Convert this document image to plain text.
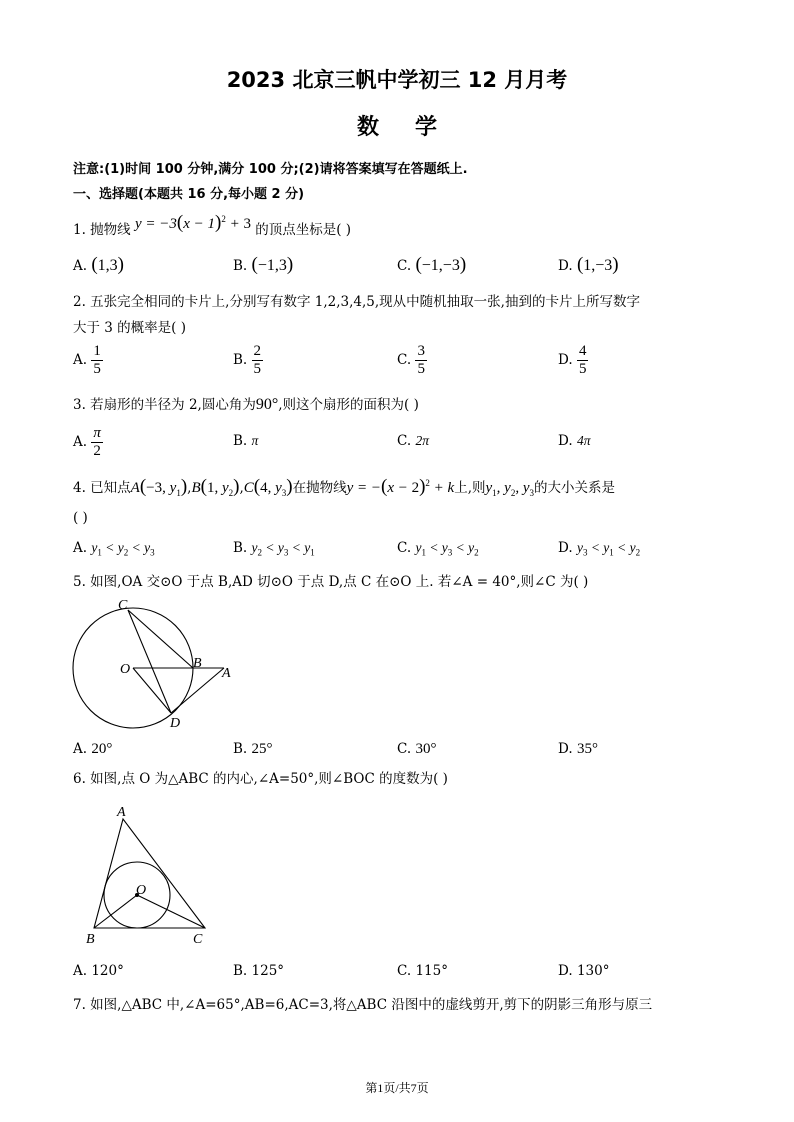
2023 北京三帆中学初三 12 月月考
数学
注意:(1)时间 100 分钟,满分 100 分;(2)请将答案填写在答题纸上.
一、选择题(本题共 16 分,每小题 2 分)
1. 抛物线 $y = -3(x - 1)^2 + 3$ 的顶点坐标是( )
A. (1,3)	B. (−1,3)	C. (−1,−3)	D. (1,−3)
2. 五张完全相同的卡片上,分别写有数字 1,2,3,4,5,现从中随机抽取一张,抽到的卡片上所写数字
大于 3 的概率是( )
A. $\frac{1}{5}$	B. $\frac{2}{5}$	C. $\frac{3}{5}$	D. $\frac{4}{5}$
3. 若扇形的半径为 2,圆心角为90°,则这个扇形的面积为( )
A. $\frac{\pi}{2}$	B. π	C. 2π	D. 4π
4. 已知点A(−3, $y_1),B(1$, $y_2),C(4$, $y_3$)在抛物线$y = -(x - 2)^2 + k$上,则$y_1$, $y_2$, $y_3$的大小关系是
( )
A. $y_1 < y_2 < y_3$	B. $y_2 < y_3 < y_1$	C. $y_1 < y_3 < y_2$	D. $y_3 < y_1 < y_2$
5. 如图,OA 交⊙O 于点 B,AD 切⊙O 于点 D,点 C 在⊙O 上. 若∠A = 40°,则∠C 为( )
C
O	B
A
D
A. 20°	B. 25°	C. 30°	D. 35°
6. 如图,点 O 为△ABC 的内心,∠A=50°,则∠BOC 的度数为( )
A
O
B	C
A. 120°	B. 125°	C. 115°	D. 130°
7. 如图,△ABC 中,∠A=65°,AB=6,AC=3,将△ABC 沿图中的虚线剪开,剪下的阴影三角形与原三
第1页/共7页
